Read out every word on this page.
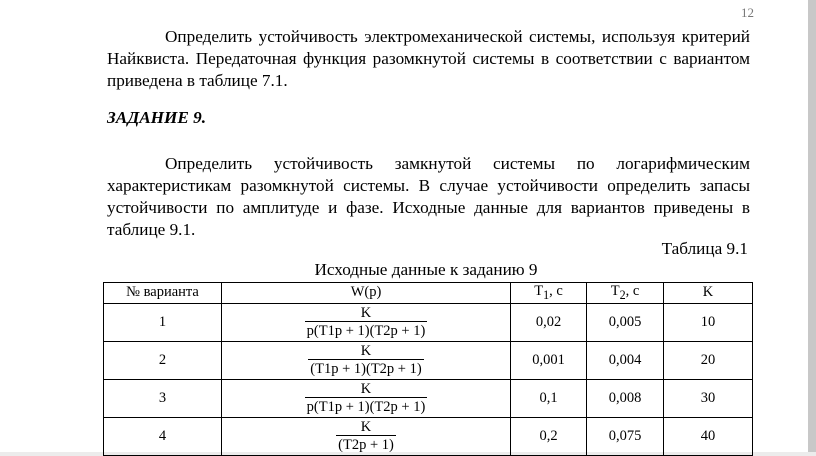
12

Определить устойчивость электромеханической системы, используя критерий Найквиста. Передаточная функция разомкнутой системы в соответствии с вариантом приведена в таблице 7.1.

ЗАДАНИЕ 9.

Определить устойчивость замкнутой системы по логарифмическим характеристикам разомкнутой системы. В случае устойчивости определить запасы устойчивости по амплитуде и фазе. Исходные данные для вариантов приведены в таблице 9.1.

Таблица 9.1
Исходные данные к заданию 9
№ варианта	W(p)	$T_1$, с	$T_2$, с	K
1	$\frac{K}{p(T1p + 1)(T2p + 1)}$	0,02	0,005	10
2	$\frac{K}{(T1p + 1)(T2p + 1)}$	0,001	0,004	20
3	$\frac{K}{p(T1p + 1)(T2p + 1)}$	0,1	0,008	30
4	$\frac{K}{(T2p + 1)}$	0,2	0,075	40
